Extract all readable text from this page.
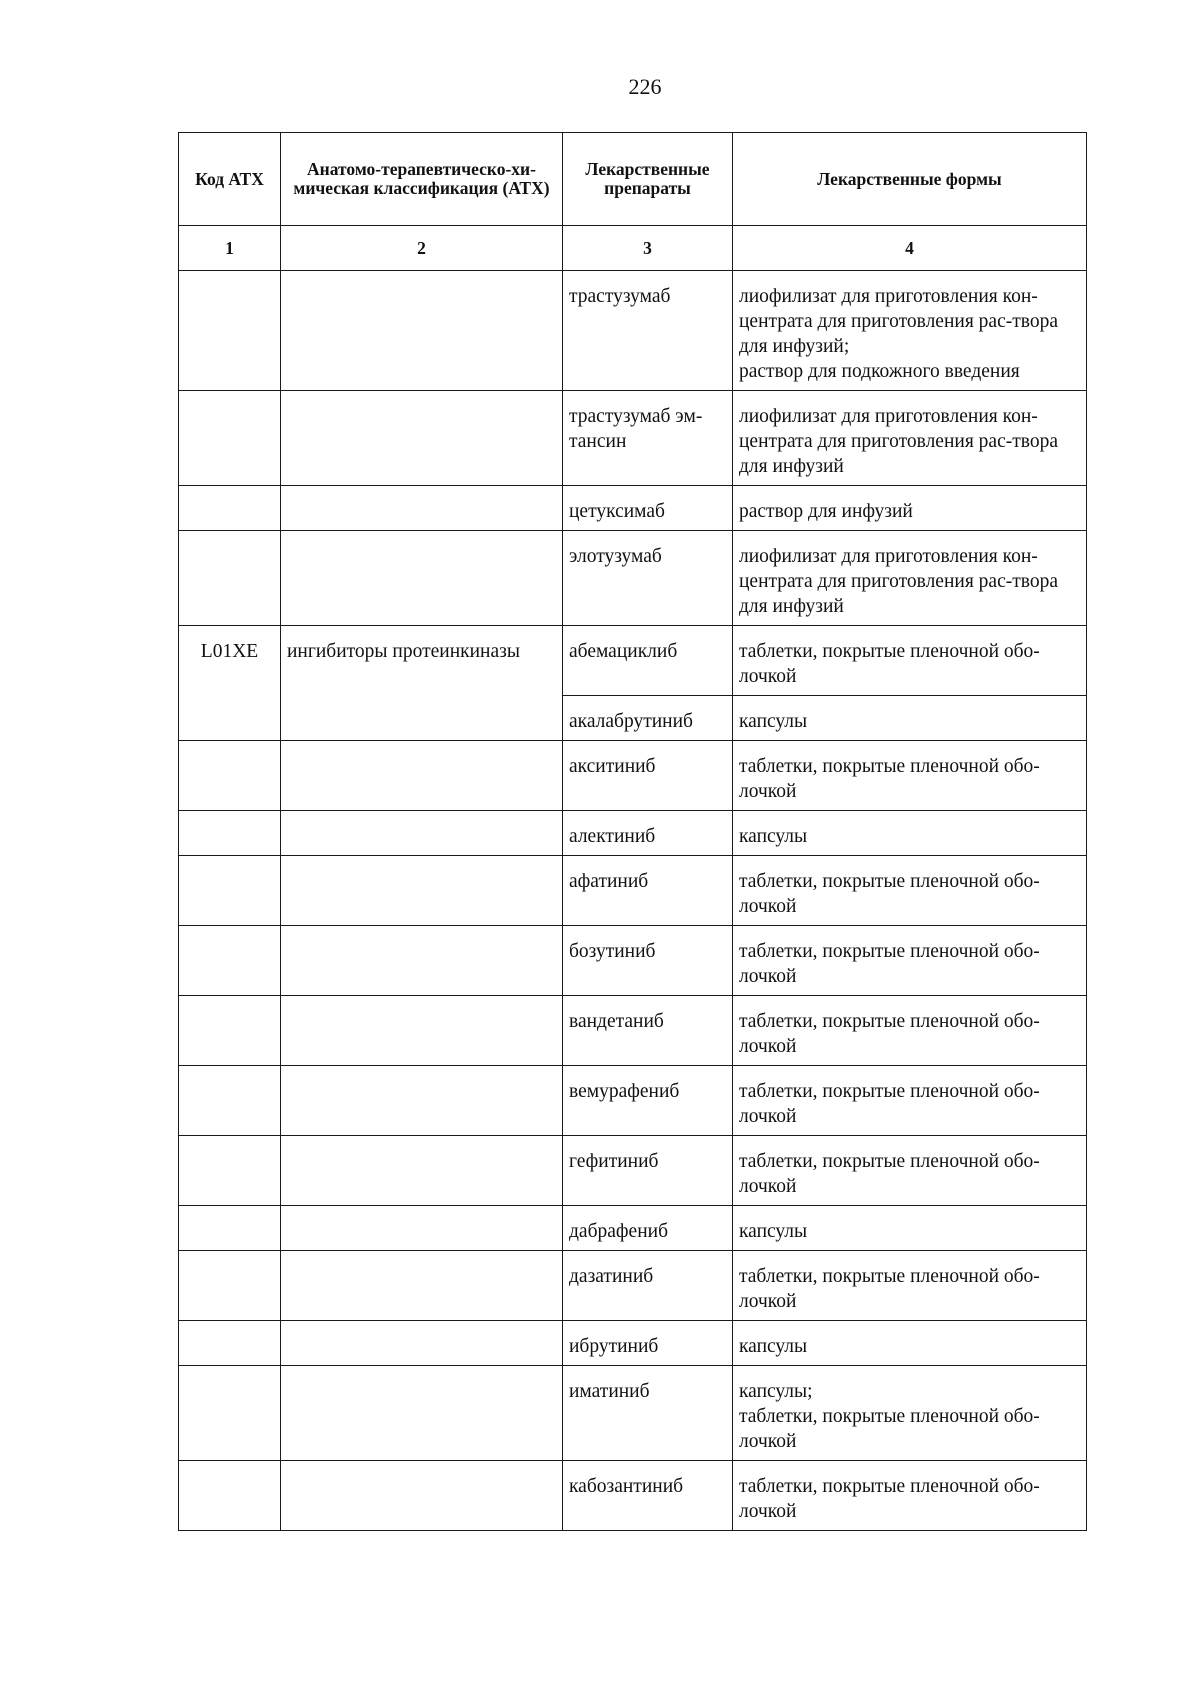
226
Код АТХ	Анатомо-терапевтическо-хи-мическая классификация (АТХ)	Лекарственные препараты	Лекарственные формы
1	2	3	4
		трастузумаб	лиофилизат для приготовления кон-центрата для приготовления рас-твора для инфузий;
раствор для подкожного введения

		трастузумаб эм-тансин	лиофилизат для приготовления кон-центрата для приготовления рас-твора для инфузий

		цетуксимаб	раствор для инфузий

		элотузумаб	лиофилизат для приготовления кон-центрата для приготовления рас-твора для инфузий

L01XE	ингибиторы протеинкиназы	абемациклиб	таблетки, покрытые пленочной обо-лочкой

		акалабрутиниб	капсулы

		акситиниб	таблетки, покрытые пленочной обо-лочкой

		алектиниб	капсулы

		афатиниб	таблетки, покрытые пленочной обо-лочкой

		бозутиниб	таблетки, покрытые пленочной обо-лочкой

		вандетаниб	таблетки, покрытые пленочной обо-лочкой

		вемурафениб	таблетки, покрытые пленочной обо-лочкой

		гефитиниб	таблетки, покрытые пленочной обо-лочкой

		дабрафениб	капсулы

		дазатиниб	таблетки, покрытые пленочной обо-лочкой

		ибрутиниб	капсулы

		иматиниб	капсулы;
таблетки, покрытые пленочной обо-лочкой

		кабозантиниб	таблетки, покрытые пленочной обо-лочкой
